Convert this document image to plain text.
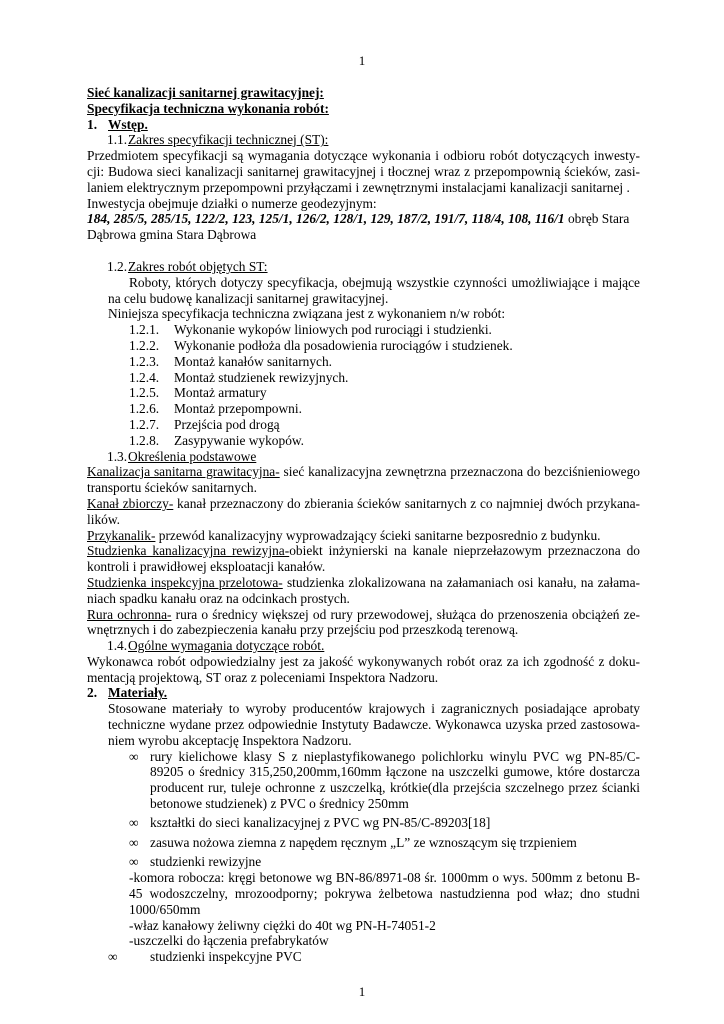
1

Sieć kanalizacji sanitarnej grawitacyjnej:

Specyfikacja techniczna wykonania robót:

1. Wstęp.

1.1.Zakres specyfikacji technicznej (ST):

Przedmiotem specyfikacji są wymagania dotyczące wykonania i odbioru robót dotyczących inwesty-cji: Budowa sieci kanalizacji sanitarnej grawitacyjnej i tłocznej wraz z przepompownią ścieków, zasi-laniem elektrycznym przepompowni przyłączami i zewnętrznymi instalacjami kanalizacji sanitarnej .

Inwestycja obejmuje działki o numerze geodezyjnym:

184, 285/5, 285/15, 122/2, 123, 125/1, 126/2, 128/1, 129, 187/2, 191/7, 118/4, 108, 116/1 obręb Stara Dąbrowa gmina Stara Dąbrowa

1.2.Zakres robót objętych ST:

Roboty, których dotyczy specyfikacja, obejmują wszystkie czynności umożliwiające i mające na celu budowę kanalizacji sanitarnej grawitacyjnej.

Niniejsza specyfikacja techniczna związana jest z wykonaniem n/w robót:

1.2.1. Wykonanie wykopów liniowych pod rurociągi i studzienki.

1.2.2. Wykonanie podłoża dla posadowienia rurociągów i studzienek.

1.2.3. Montaż kanałów sanitarnych.

1.2.4. Montaż studzienek rewizyjnych.

1.2.5. Montaż armatury

1.2.6. Montaż przepompowni.

1.2.7. Przejścia pod drogą

1.2.8. Zasypywanie wykopów.

1.3.Określenia podstawowe

Kanalizacja sanitarna grawitacyjna- sieć kanalizacyjna zewnętrzna przeznaczona do bezciśnieniowego transportu ścieków sanitarnych.

Kanał zbiorczy- kanał przeznaczony do zbierania ścieków sanitarnych z co najmniej dwóch przykana-lików.

Przykanalik- przewód kanalizacyjny wyprowadzający ścieki sanitarne bezposrednio z budynku.

Studzienka kanalizacyjna rewizyjna-obiekt inżynierski na kanale nieprzełazowym przeznaczona do kontroli i prawidłowej eksploatacji kanałów.

Studzienka inspekcyjna przelotowa- studzienka zlokalizowana na załamaniach osi kanału, na załama-niach spadku kanału oraz na odcinkach prostych.

Rura ochronna- rura o średnicy większej od rury przewodowej, służąca do przenoszenia obciążeń ze-wnętrznych i do zabezpieczenia kanału przy przejściu pod przeszkodą terenową.

1.4.Ogólne wymagania dotyczące robót.

Wykonawca robót odpowiedzialny jest za jakość wykonywanych robót oraz za ich zgodność z doku-mentacją projektową, ST oraz z poleceniami Inspektora Nadzoru.

2. Materiały.

Stosowane materiały to wyroby producentów krajowych i zagranicznych posiadające aprobaty techniczne wydane przez odpowiednie Instytuty Badawcze. Wykonawca uzyska przed zastosowa-niem wyrobu akceptację Inspektora Nadzoru.

∞ rury kielichowe klasy S z nieplastyfikowanego polichlorku winylu PVC wg PN-85/C-89205 o średnicy 315,250,200mm,160mm łączone na uszczelki gumowe, które dostarcza producent rur, tuleje ochronne z uszczelką, krótkie(dla przejścia szczelnego przez ścianki betonowe studzienek) z PVC o średnicy 250mm

∞ kształtki do sieci kanalizacyjnej z PVC wg PN-85/C-89203[18]

∞ zasuwa nożowa ziemna z napędem ręcznym „L” ze wznoszącym się trzpieniem

∞ studzienki rewizyjne

-komora robocza: kręgi betonowe wg BN-86/8971-08 śr. 1000mm o wys. 500mm z betonu B-45 wodoszczelny, mrozoodporny; pokrywa żelbetowa nastudzienna pod właz; dno studni 1000/650mm

-właz kanałowy żeliwny ciężki do 40t wg PN-H-74051-2

-uszczelki do łączenia prefabrykatów

∞ studzienki inspekcyjne PVC

1
